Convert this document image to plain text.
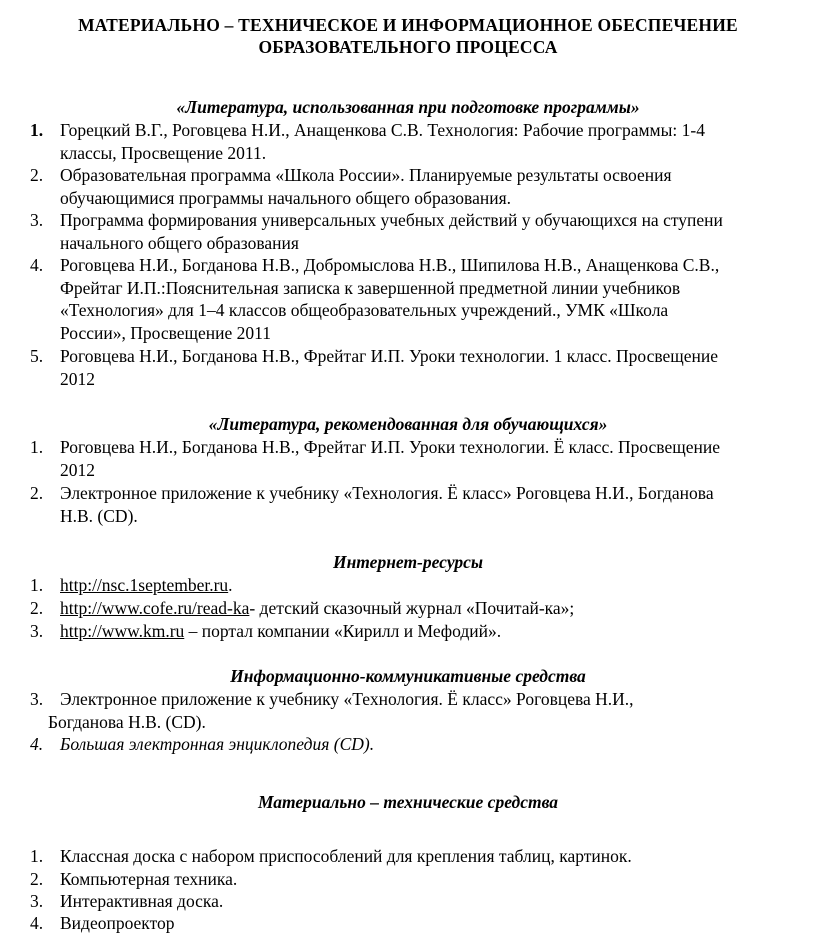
МАТЕРИАЛЬНО – ТЕХНИЧЕСКОЕ И ИНФОРМАЦИОННОЕ ОБЕСПЕЧЕНИЕ
ОБРАЗОВАТЕЛЬНОГО ПРОЦЕССА
«Литература, использованная при подготовке программы»
1. Горецкий В.Г., Роговцева Н.И., Анащенкова С.В. Технология: Рабочие программы: 1-4
классы, Просвещение 2011.
2. Образовательная программа «Школа России». Планируемые результаты освоения
обучающимися программы начального общего образования.
3. Программа формирования универсальных учебных действий у обучающихся на ступени
начального общего образования
4. Роговцева Н.И., Богданова Н.В., Добромыслова Н.В., Шипилова Н.В., Анащенкова С.В.,
Фрейтаг И.П.:Пояснительная записка к завершенной предметной линии учебников
«Технология» для 1–4 классов общеобразовательных учреждений., УМК «Школа
России», Просвещение 2011
5. Роговцева Н.И., Богданова Н.В., Фрейтаг И.П. Уроки технологии. 1 класс. Просвещение
2012
«Литература, рекомендованная для обучающихся»
1. Роговцева Н.И., Богданова Н.В., Фрейтаг И.П. Уроки технологии. Ё класс. Просвещение
2012
2. Электронное приложение к учебнику «Технология. Ё класс» Роговцева Н.И., Богданова
Н.В. (CD).
Интернет-ресурсы
1. http://nsc.1september.ru.
2. http://www.cofe.ru/read-ka- детский сказочный журнал «Почитай-ка»;
3. http://www.km.ru – портал компании «Кирилл и Мефодий».
Информационно-коммуникативные средства
3. Электронное приложение к учебнику «Технология. Ё класс» Роговцева Н.И.,
Богданова Н.В. (CD).
4. Большая электронная энциклопедия (CD).
Материально – технические средства
1. Классная доска с набором приспособлений для крепления таблиц, картинок.
2. Компьютерная техника.
3. Интерактивная доска.
4. Видеопроектор
